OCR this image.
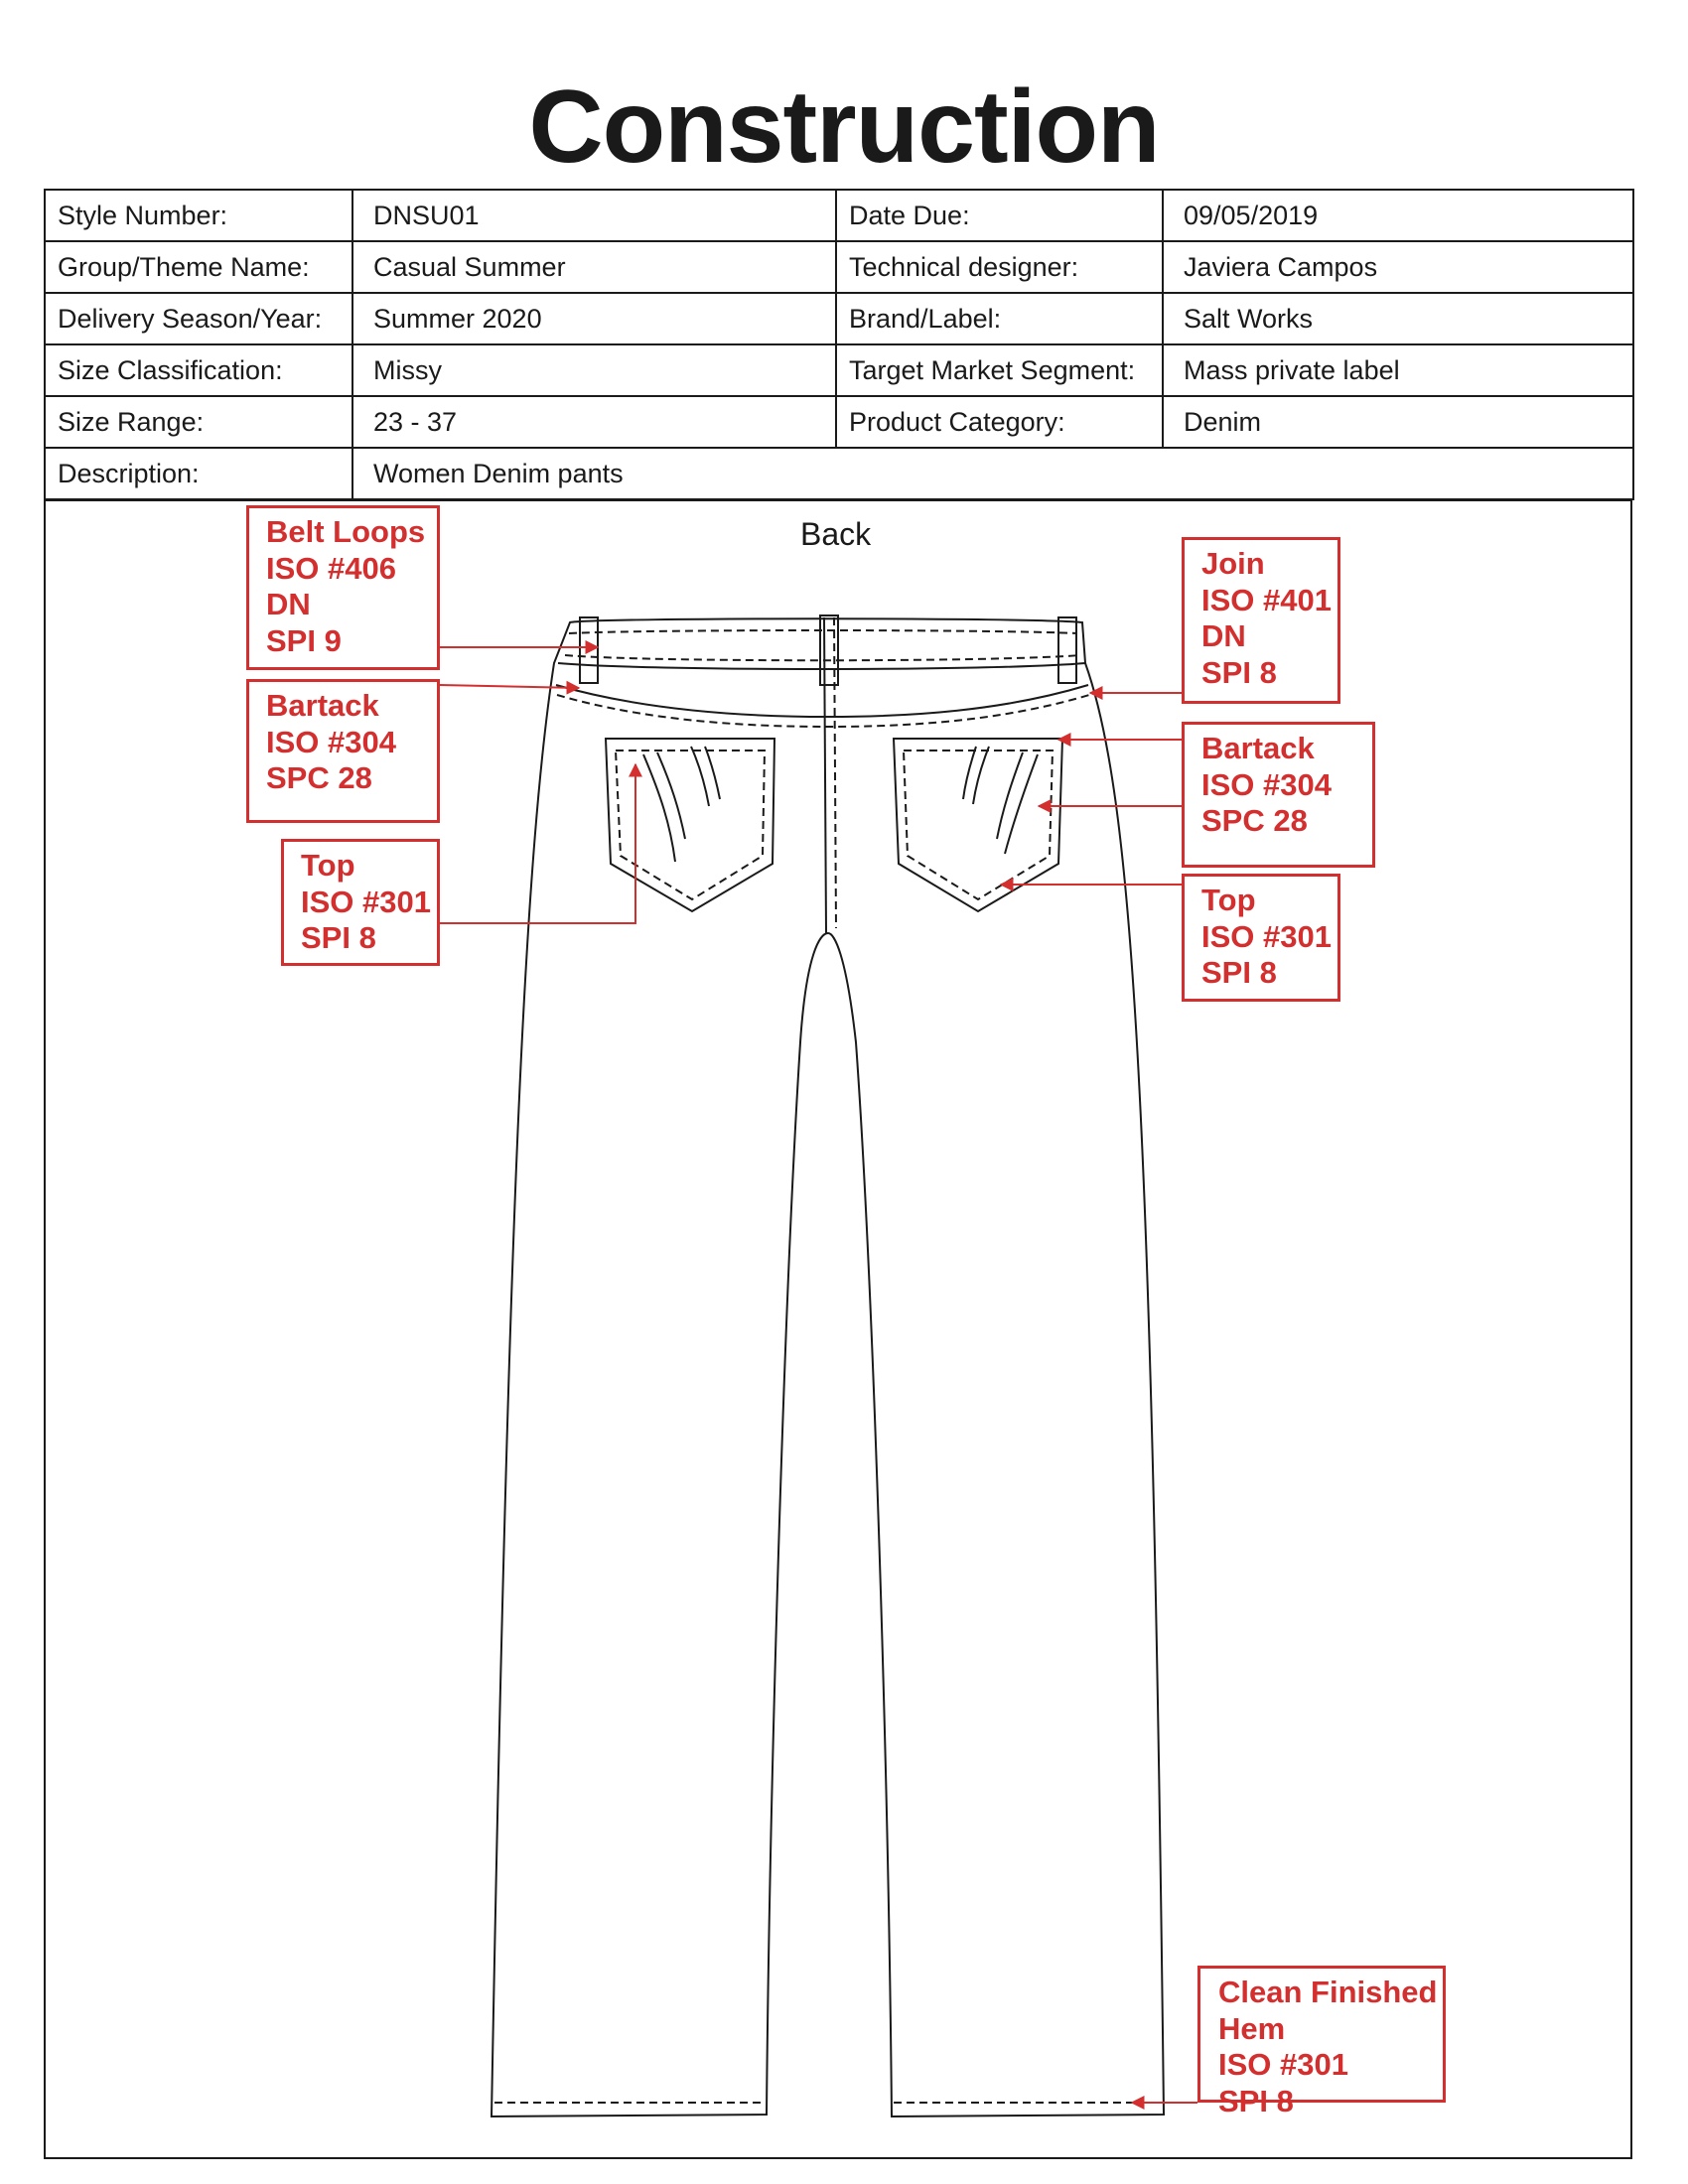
Construction
Style Number:	DNSU01	Date Due:	09/05/2019
Group/Theme Name:	Casual Summer	Technical designer:	Javiera Campos
Delivery Season/Year:	Summer 2020	Brand/Label:	Salt Works
Size Classification:	Missy	Target Market Segment:	Mass private label
Size Range:	23 - 37	Product Category:	Denim
Description:	Women Denim pants		
Back
Belt Loops
ISO #406
DN
SPI 9
Bartack
ISO #304
SPC 28
Top
ISO #301
SPI 8
Join
ISO #401
DN
SPI 8
Bartack
ISO #304
SPC 28
Top
ISO #301
SPI 8
Clean Finished
Hem
ISO #301
SPI 8
